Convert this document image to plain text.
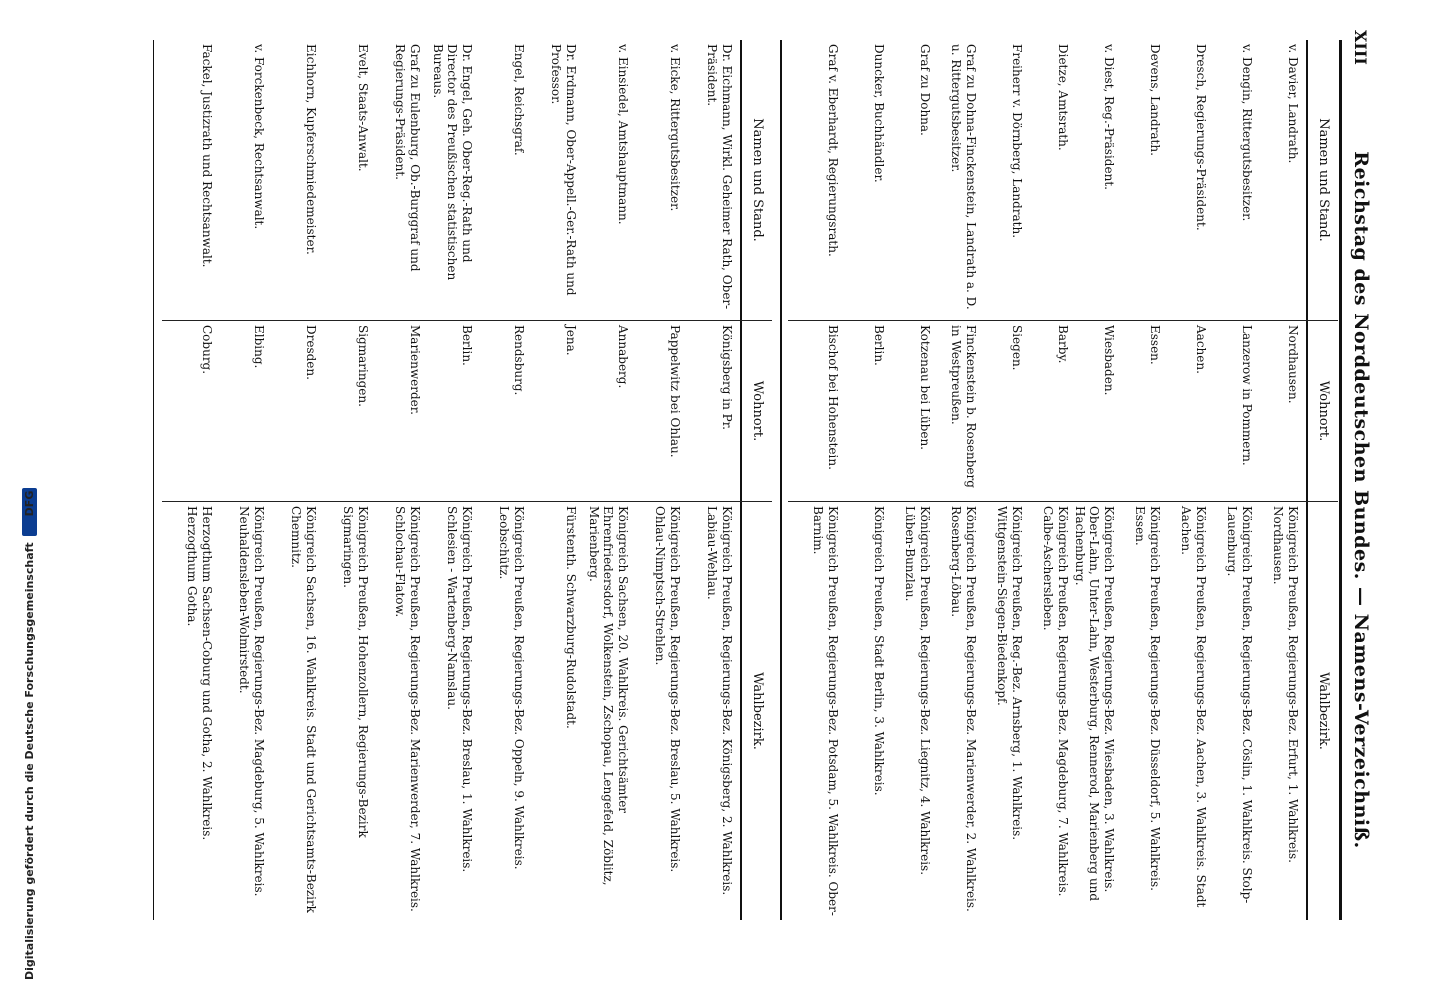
XIII
Reichstag des Norddeutschen Bundes. — Namens-Verzeichniß.
Namen und Stand.
v. Davier, Landrath.
v. Dengin, Rittergutsbesitzer.
Dresch, Regierungs-Präsident.
Devens, Landrath.
v. Diest, Reg.-Präsident.
Dietze, Amtsrath.
Freiherr v. Dörnberg, Landrath.
Graf zu Dohna-Finckenstein, Landrath a. D. u. Rittergutsbesitzer.
Graf zu Dohna.
Duncker, Buchhändler.
Graf v. Eberhardt, Regierungsrath.
Wohnort.
Nordhausen.
Lanzerow in Pommern.
Aachen.
Essen.
Wiesbaden.
Barby.
Siegen.
Finckenstein b. Rosenberg in Westpreußen.
Kotzenau bei Lüben.
Berlin.
Bischof bei Hohenstein.
Wahlbezirk.
Königreich Preußen, Regierungs-Bez. Erfurt, 1. Wahlkreis. Nordhausen.
Königreich Preußen, Regierungs-Bez. Cöslin, 1. Wahlkreis. Stolp-Lauenburg.
Königreich Preußen, Regierungs-Bez. Aachen, 3. Wahlkreis. Stadt Aachen.
Königreich Preußen, Regierungs-Bez. Düsseldorf, 5. Wahlkreis. Essen.
Königreich Preußen, Regierungs-Bez. Wiesbaden, 3. Wahlkreis. Ober-Lahn, Unter-Lahn, Westerburg, Rennerod, Marienberg und Hachenburg.
Königreich Preußen, Regierungs-Bez. Magdeburg, 7. Wahlkreis. Calbe-Aschersleben.
Königreich Preußen, Reg.-Bez. Arnsberg, 1. Wahlkreis. Wittgenstein-Siegen-Biedenkopf.
Königreich Preußen, Regierungs-Bez. Marienwerder, 2. Wahlkreis. Rosenberg-Löbau.
Königreich Preußen, Regierungs-Bez. Liegnitz, 4. Wahlkreis. Lüben-Bunzlau.
Königreich Preußen, Stadt Berlin, 3. Wahlkreis.
Königreich Preußen, Regierungs-Bez. Potsdam, 5. Wahlkreis. Ober-Barnim.
Namen und Stand.
Dr. Eichmann, Wirkl. Geheimer Rath, Ober-Präsident.
v. Eicke, Rittergutsbesitzer.
v. Einsiedel, Amtshauptmann.
Dr. Erdmann, Ober-Appell.-Ger.-Rath und Professor.
Engel, Reichsgraf.
Dr. Engel, Geh. Ober-Reg.-Rath und Director des Preußischen statistischen Bureaus.
Graf zu Eulenburg, Ob.-Burggraf und Regierungs-Präsident.
Evelt, Staats-Anwalt.
Eichhorn, Kupferschmiedemeister.
v. Forckenbeck, Rechtsanwalt.
Fackel, Justizrath und Rechtsanwalt.
Wohnort.
Königsberg in Pr.
Pappelwitz bei Ohlau.
Annaberg.
Jena.
Rendsburg.
Berlin.
Marienwerder.
Sigmaringen.
Dresden.
Elbing.
Coburg.
Wahlbezirk.
Königreich Preußen, Regierungs-Bez. Königsberg, 2. Wahlkreis. Labiau-Wehlau.
Königreich Preußen, Regierungs-Bez. Breslau, 5. Wahlkreis. Ohlau-Nimptsch-Strehlen.
Königreich Sachsen, 20. Wahlkreis. Gerichtsämter Ehrenfriedersdorf, Wolkenstein, Zschopau, Lengefeld, Zöblitz, Marienberg.
Fürstenth. Schwarzburg-Rudolstadt.
Königreich Preußen, Regierungs-Bez. Oppeln, 9. Wahlkreis. Leobschütz.
Königreich Preußen, Regierungs-Bez. Breslau, 1. Wahlkreis. Schlesien - Wartenberg-Namslau.
Königreich Preußen, Regierungs-Bez. Marienwerder, 7. Wahlkreis. Schlochau-Flatow.
Königreich Preußen, Hohenzollern, Regierungs-Bezirk Sigmaringen.
Königreich Sachsen, 16. Wahlkreis. Stadt und Gerichtsamts-Bezirk Chemnitz.
Königreich Preußen, Regierungs-Bez. Magdeburg, 5. Wahlkreis. Neuhaldensleben-Wolmirstedt.
Herzogthum Sachsen-Coburg und Gotha, 2. Wahlkreis. Herzogthum Gotha.
Digitalisierung gefördert durch die Deutsche ForschungsgemeinschaftDFG
